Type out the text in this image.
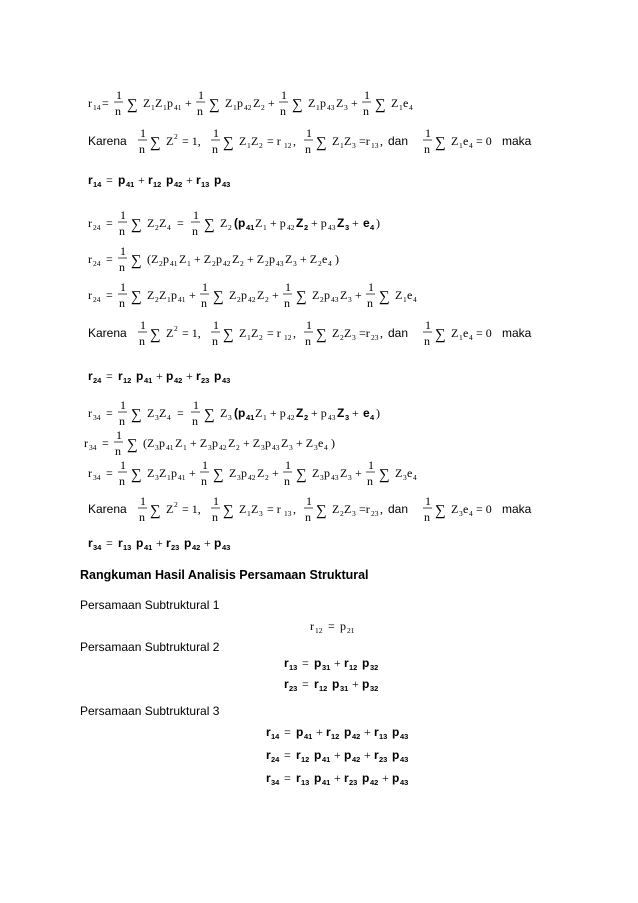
r 14 =
1
n ∑ Z 1 Z 1 p 41 +
1
n ∑ Z 1 p 42 Z 2 +
1
n ∑ Z 1 p 43 Z 3 +
1
n ∑ Z 1 e 4
Karena
1
n ∑ Z 2 = 1,
1
n ∑ Z 1 Z 2 = r 12 ,
1
n ∑ Z 1 Z 3 =r 13 , dan
1
n ∑ Z 1 e 4 = 0 maka
r 14 = p 41 + r 12 p 42 + r 13 p 43
r 24 =
1
n ∑ Z 2 Z 4 =
1
n ∑ Z 2 (p 41 Z 1 + p 42 Z 2 + p 43 Z 3 + e 4 )
r 24 =
1
n ∑ (Z 2 p 41 Z 1 + Z 2 p 42 Z 2 + Z 2 p 43 Z 3 + Z 2 e 4 )
r 24 =
1
n ∑ Z 2 Z 1 p 41 +
1
n ∑ Z 2 p 42 Z 2 +
1
n ∑ Z 2 p 43 Z 3 +
1
n ∑ Z 1 e 4
Karena
1
n ∑ Z 2 = 1,
1
n ∑ Z 1 Z 2 = r 12 ,
1
n ∑ Z 2 Z 3 =r 23 , dan
1
n ∑ Z 1 e 4 = 0 maka
r 24 = r 12 p 41 + p 42 + r 23 p 43
r 34 =
1
n ∑ Z 3 Z 4 =
1
n ∑ Z 3 (p 41 Z 1 + p 42 Z 2 + p 43 Z 3 + e 4 )
r 34 =
1
n ∑ (Z 3 p 41 Z 1 + Z 3 p 42 Z 2 + Z 3 p 43 Z 3 + Z 3 e 4 )
r 34 =
1
n ∑ Z 3 Z 1 p 41 +
1
n ∑ Z 3 p 42 Z 2 +
1
n ∑ Z 3 p 43 Z 3 +
1
n ∑ Z 3 e 4
Karena
1
n ∑ Z 2 = 1,
1
n ∑ Z 1 Z 3 = r 13 ,
1
n ∑ Z 2 Z 3 =r 23 , dan
1
n ∑ Z 3 e 4 = 0 maka
r 34 = r 13 p 41 + r 23 p 42 + p 43
Rangkuman Hasil Analisis Persamaan Struktural
Persamaan Subtruktural 1
r 12 = p 21
Persamaan Subtruktural 2
r 13 = p 31 + r 12 p 32
r 23 = r 12 p 31 + p 32
Persamaan Subtruktural 3
r 14 = p 41 + r 12 p 42 + r 13 p 43
r 24 = r 12 p 41 + p 42 + r 23 p 43
r 34 = r 13 p 41 + r 23 p 42 + p 43
